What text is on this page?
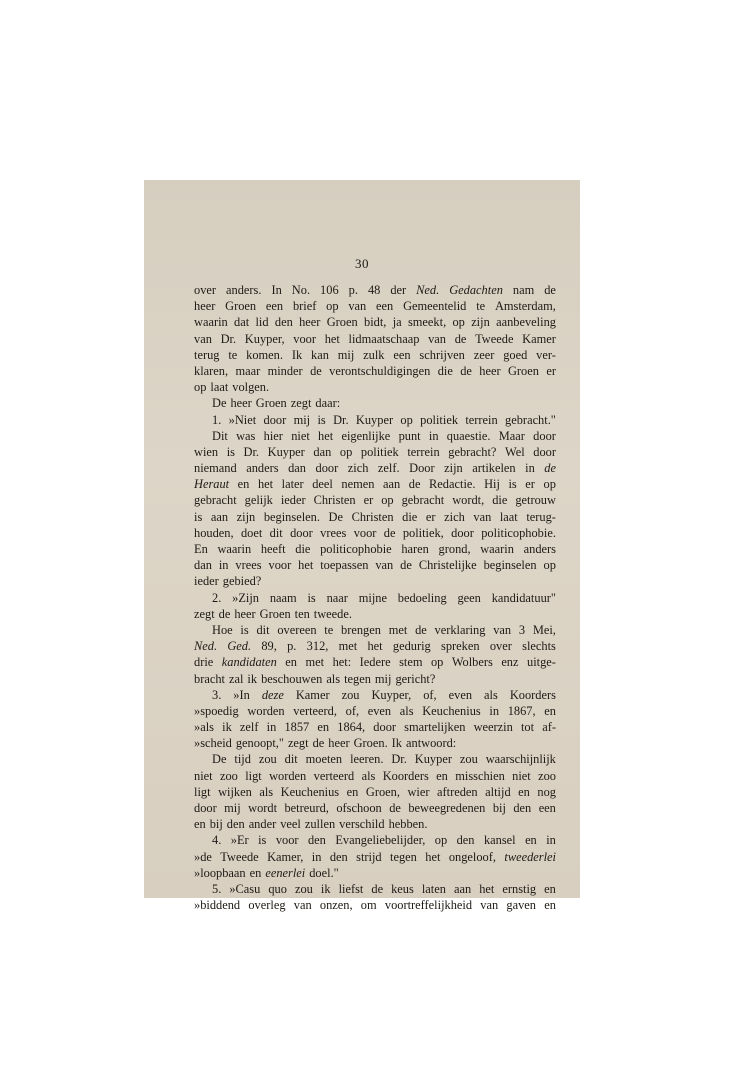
30
over anders. In No. 106 p. 48 der Ned. Gedachten nam de
heer Groen een brief op van een Gemeentelid te Amsterdam,
waarin dat lid den heer Groen bidt, ja smeekt, op zijn aanbeveling
van Dr. Kuyper, voor het lidmaatschaap van de Tweede Kamer
terug te komen. Ik kan mij zulk een schrijven zeer goed ver-
klaren, maar minder de verontschuldigingen die de heer Groen er
op laat volgen.
De heer Groen zegt daar:
1. »Niet door mij is Dr. Kuyper op politiek terrein gebracht."
Dit was hier niet het eigenlijke punt in quaestie. Maar door
wien is Dr. Kuyper dan op politiek terrein gebracht? Wel door
niemand anders dan door zich zelf. Door zijn artikelen in de
Heraut en het later deel nemen aan de Redactie. Hij is er op
gebracht gelijk ieder Christen er op gebracht wordt, die getrouw
is aan zijn beginselen. De Christen die er zich van laat terug-
houden, doet dit door vrees voor de politiek, door politicophobie.
En waarin heeft die politicophobie haren grond, waarin anders
dan in vrees voor het toepassen van de Christelijke beginselen op
ieder gebied?
2. »Zijn naam is naar mijne bedoeling geen kandidatuur"
zegt de heer Groen ten tweede.
Hoe is dit overeen te brengen met de verklaring van 3 Mei,
Ned. Ged. 89, p. 312, met het gedurig spreken over slechts
drie kandidaten en met het: Iedere stem op Wolbers enz uitge-
bracht zal ik beschouwen als tegen mij gericht?
3. »In deze Kamer zou Kuyper, of, even als Koorders
»spoedig worden verteerd, of, even als Keuchenius in 1867, en
»als ik zelf in 1857 en 1864, door smartelijken weerzin tot af-
»scheid genoopt," zegt de heer Groen. Ik antwoord:
De tijd zou dit moeten leeren. Dr. Kuyper zou waarschijnlijk
niet zoo ligt worden verteerd als Koorders en misschien niet zoo
ligt wijken als Keuchenius en Groen, wier aftreden altijd en nog
door mij wordt betreurd, ofschoon de beweegredenen bij den een
en bij den ander veel zullen verschild hebben.
4. »Er is voor den Evangeliebelijder, op den kansel en in
»de Tweede Kamer, in den strijd tegen het ongeloof, tweederlei
»loopbaan en eenerlei doel."
5. »Casu quo zou ik liefst de keus laten aan het ernstig en
»biddend overleg van onzen, om voortreffelijkheid van gaven en
